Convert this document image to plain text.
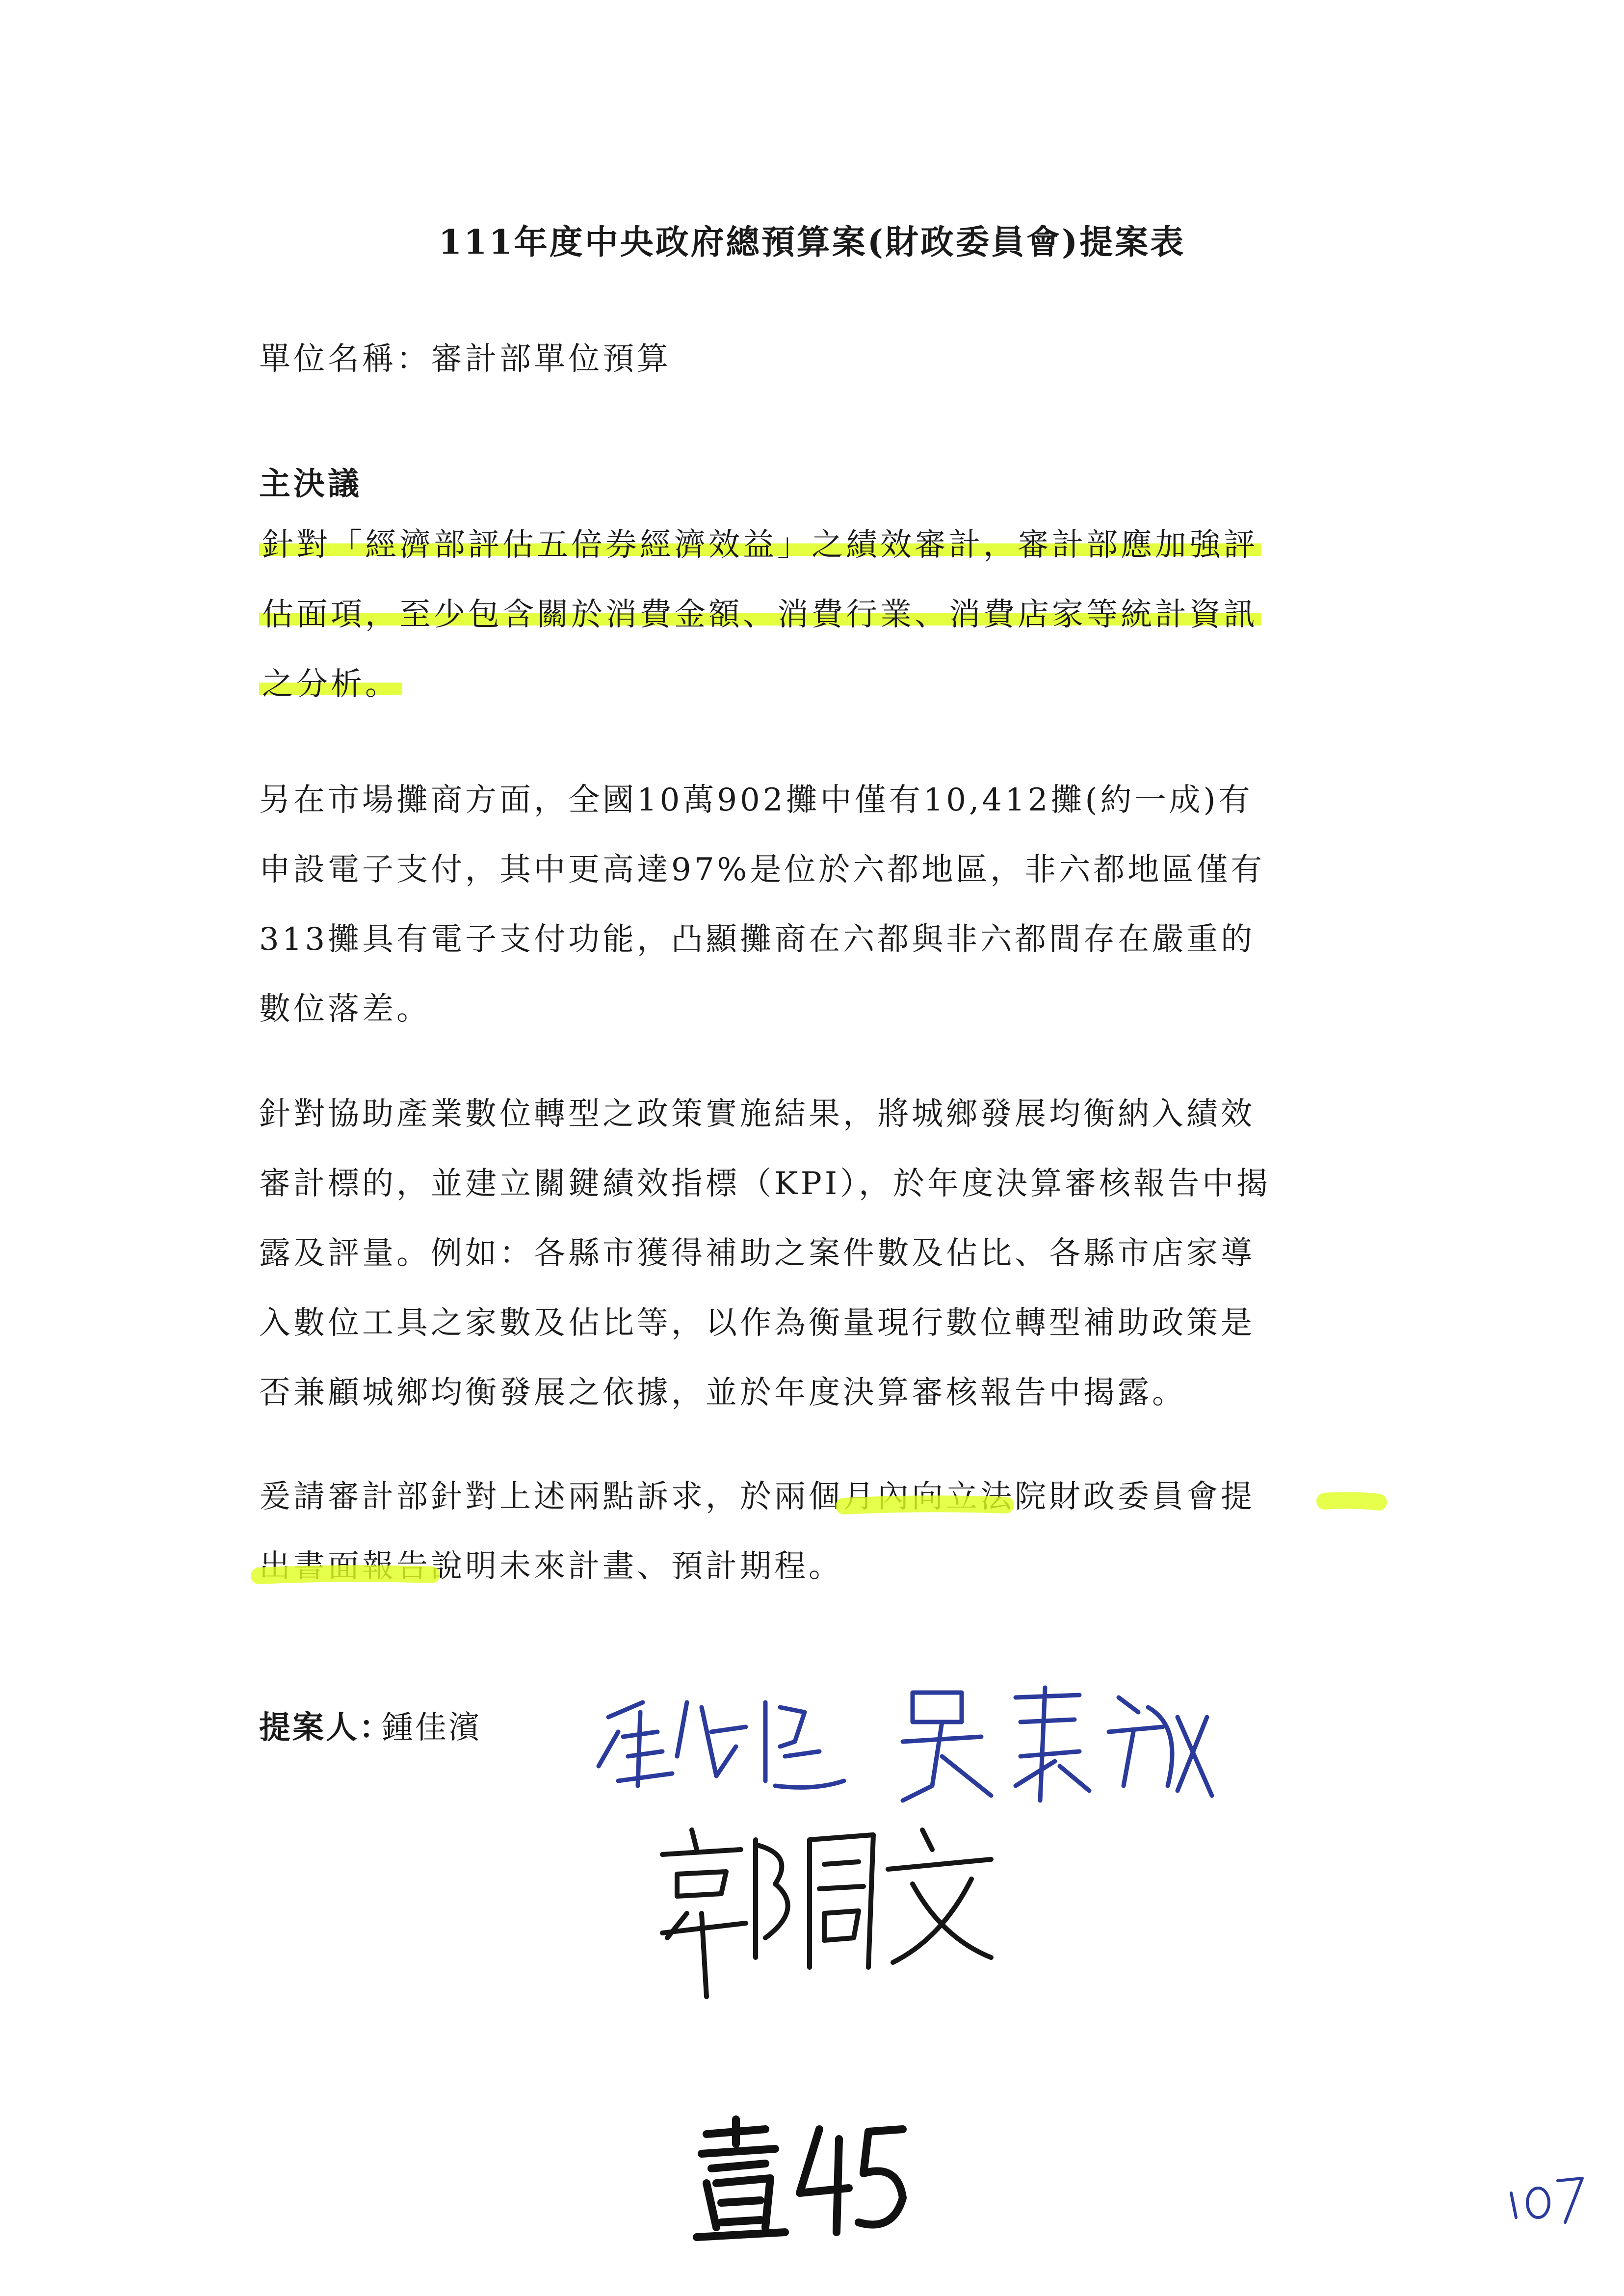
111年度中央政府總預算案(財政委員會)提案表
單位名稱：審計部單位預算
主決議
針對「經濟部評估五倍券經濟效益」之績效審計，審計部應加強評
估面項，至少包含關於消費金額、消費行業、消費店家等統計資訊
之分析。
另在市場攤商方面，全國10萬902攤中僅有10,412攤(約一成)有
申設電子支付，其中更高達97%是位於六都地區，非六都地區僅有
313攤具有電子支付功能，凸顯攤商在六都與非六都間存在嚴重的
數位落差。
針對協助產業數位轉型之政策實施結果，將城鄉發展均衡納入績效
審計標的，並建立關鍵績效指標（KPI），於年度決算審核報告中揭
露及評量。例如：各縣市獲得補助之案件數及佔比、各縣市店家導
入數位工具之家數及佔比等，以作為衡量現行數位轉型補助政策是
否兼顧城鄉均衡發展之依據，並於年度決算審核報告中揭露。
爰請審計部針對上述兩點訴求，於兩個月內向立法院財政委員會提
出書面報告說明未來計畫、預計期程。
提案人：
鍾佳濱
